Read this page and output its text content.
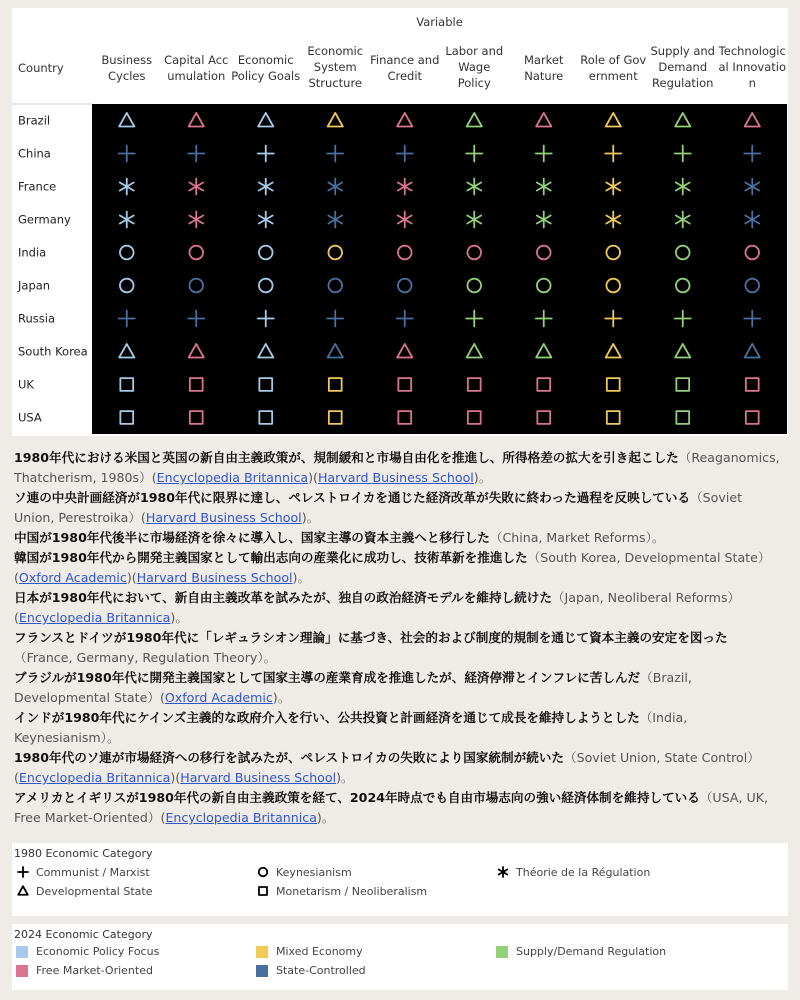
Variable
Country
Business Cycles
Capital Acc umulation
Economic Policy Goals
Economic System Structure
Finance and Credit
Labor and Wage Policy
Market Nature
Role of Gov ernment
Supply and Demand Regulation
Technologic al Innovatio n
Brazil
China
France
Germany
India
Japan
Russia
South Korea
UK
USA

1980年代における米国と英国の新自由主義政策が、規制緩和と市場自由化を推進し、所得格差の拡大を引き起こした（Reaganomics, Thatcherism, 1980s）(Encyclopedia Britannica)(Harvard Business School)。

ソ連の中央計画経済が1980年代に限界に達し、ペレストロイカを通じた経済改革が失敗に終わった過程を反映している（Soviet Union, Perestroika）(Harvard Business School)。

中国が1980年代後半に市場経済を徐々に導入し、国家主導の資本主義へと移行した（China, Market Reforms）。

韓国が1980年代から開発主義国家として輸出志向の産業化に成功し、技術革新を推進した（South Korea, Developmental State）(Oxford Academic)(Harvard Business School)。

日本が1980年代において、新自由主義改革を試みたが、独自の政治経済モデルを維持し続けた（Japan, Neoliberal Reforms）(Encyclopedia Britannica)。

フランスとドイツが1980年代に「レギュラシオン理論」に基づき、社会的および制度的規制を通じて資本主義の安定を図った（France, Germany, Regulation Theory）。

ブラジルが1980年代に開発主義国家として国家主導の産業育成を推進したが、経済停滞とインフレに苦しんだ（Brazil, Developmental State）(Oxford Academic)。

インドが1980年代にケインズ主義的な政府介入を行い、公共投資と計画経済を通じて成長を維持しようとした（India, Keynesianism）。

1980年代のソ連が市場経済への移行を試みたが、ペレストロイカの失敗により国家統制が続いた（Soviet Union, State Control）(Encyclopedia Britannica)(Harvard Business School)。

アメリカとイギリスが1980年代の新自由主義政策を経て、2024年時点でも自由市場志向の強い経済体制を維持している（USA, UK, Free Market-Oriented）(Encyclopedia Britannica)。

1980 Economic Category
Communist / Marxist
Developmental State
Keynesianism
Monetarism / Neoliberalism
Théorie de la Régulation
2024 Economic Category
Economic Policy Focus
Free Market-Oriented
Mixed Economy
State-Controlled
Supply/Demand Regulation
